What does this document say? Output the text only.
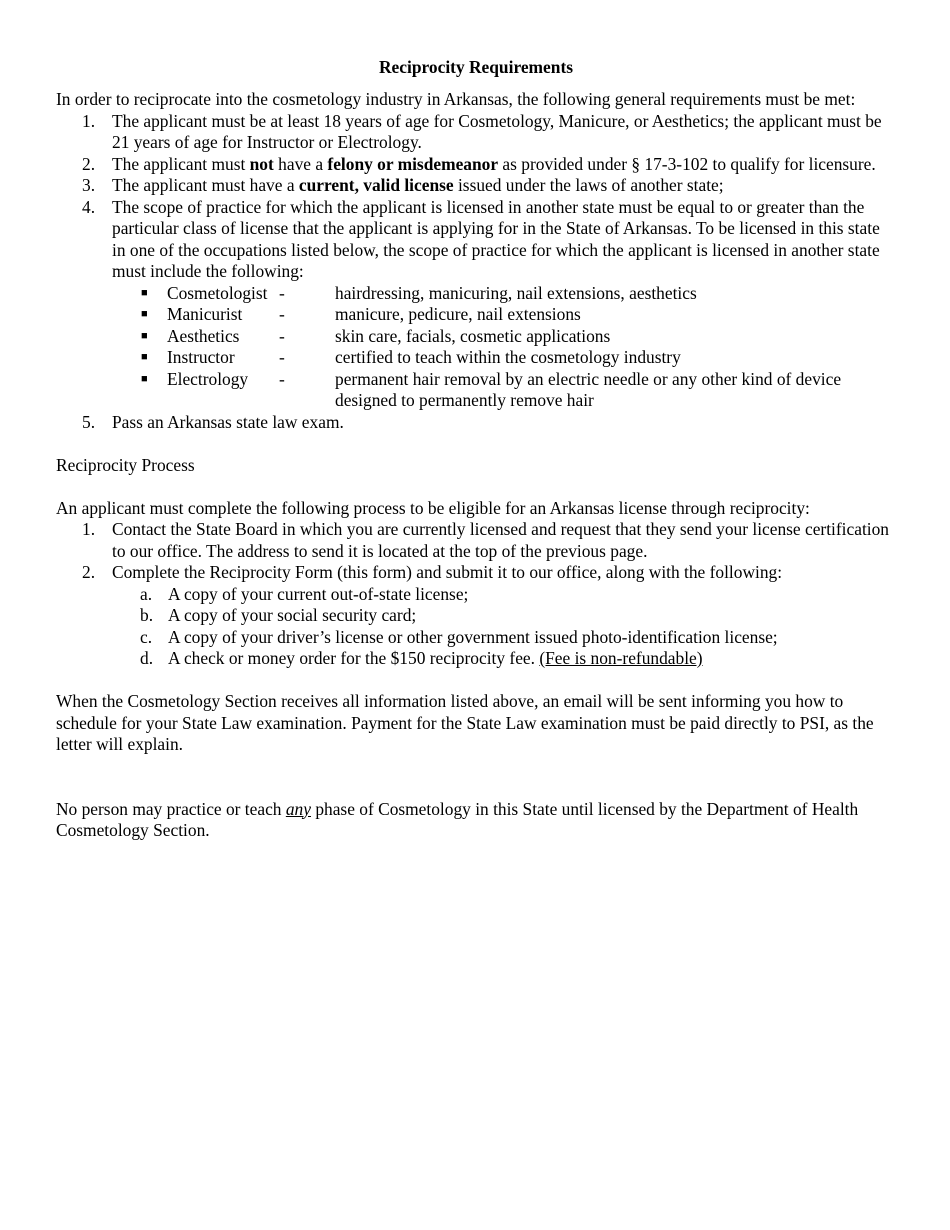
Reciprocity Requirements

In order to reciprocate into the cosmetology industry in Arkansas, the following general requirements must be met:

1. The applicant must be at least 18 years of age for Cosmetology, Manicure, or Aesthetics; the applicant must be 21 years of age for Instructor or Electrology.
2. The applicant must not have a felony or misdemeanor as provided under § 17-3-102 to qualify for licensure.
3. The applicant must have a current, valid license issued under the laws of another state;
4. The scope of practice for which the applicant is licensed in another state must be equal to or greater than the particular class of license that the applicant is applying for in the State of Arkansas. To be licensed in this state in one of the occupations listed below, the scope of practice for which the applicant is licensed in another state must include the following:
■ Cosmetologist -	hairdressing, manicuring, nail extensions, aesthetics
■ Manicurist	-	manicure, pedicure, nail extensions
■ Aesthetics	-	skin care, facials, cosmetic applications
■ Instructor	-	certified to teach within the cosmetology industry
■ Electrology	-	permanent hair removal by an electric needle or any other kind of device designed to permanently remove hair
5. Pass an Arkansas state law exam.

Reciprocity Process

An applicant must complete the following process to be eligible for an Arkansas license through reciprocity:

1. Contact the State Board in which you are currently licensed and request that they send your license certification to our office. The address to send it is located at the top of the previous page.
2. Complete the Reciprocity Form (this form) and submit it to our office, along with the following:
a. A copy of your current out-of-state license;
b. A copy of your social security card;
c. A copy of your driver’s license or other government issued photo-identification license;
d. A check or money order for the $150 reciprocity fee. (Fee is non-refundable)

When the Cosmetology Section receives all information listed above, an email will be sent informing you how to schedule for your State Law examination. Payment for the State Law examination must be paid directly to PSI, as the letter will explain.

No person may practice or teach any phase of Cosmetology in this State until licensed by the Department of Health Cosmetology Section.
